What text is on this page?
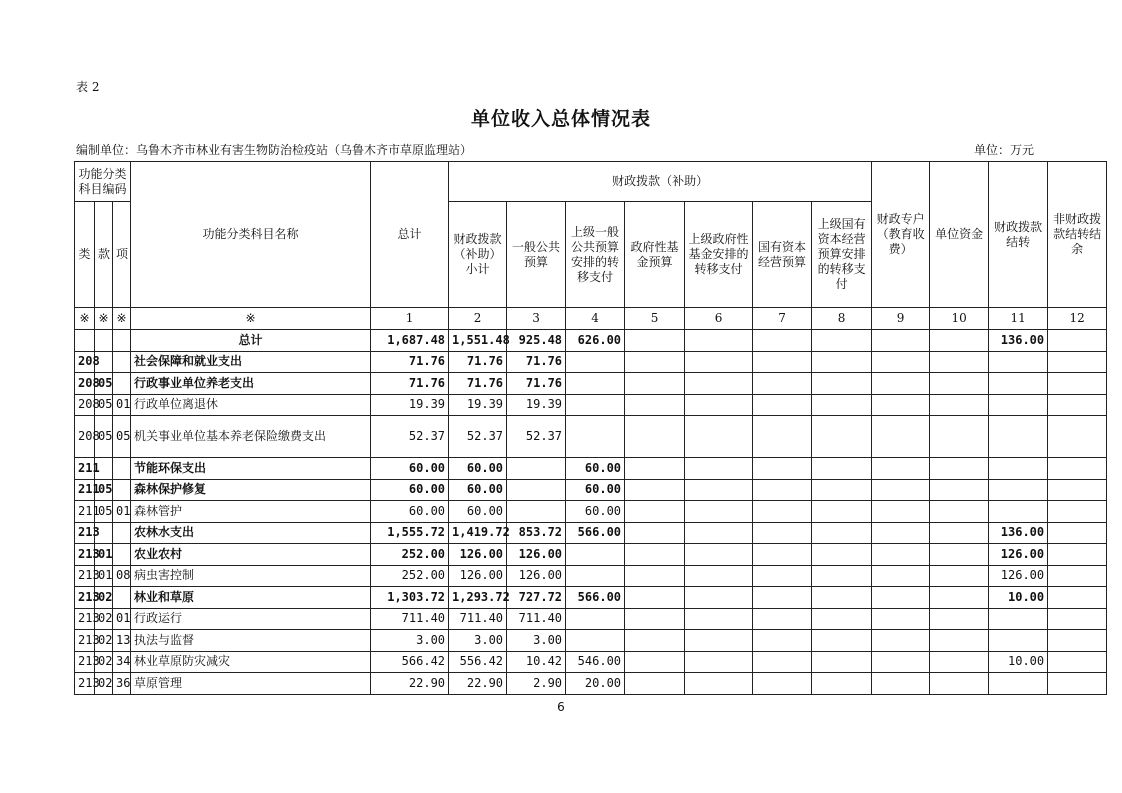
表 2
单位收入总体情况表
编制单位：乌鲁木齐市林业有害生物防治检疫站（乌鲁木齐市草原监理站）	单位：万元
功能分类科目编码			功能分类科目名称	总计	财政拨款（补助）							财政专户（教育收费）	单位资金	财政拨款结转	非财政拨款结转结余
类	款	项			财政拨款（补助）小计	一般公共预算	上级一般公共预算安排的转移支付	政府性基金预算	上级政府性基金安排的转移支付	国有资本经营预算	上级国有资本经营预算安排的转移支付				
※	※	※	※	1	2	3	4	5	6	7	8	9	10	11	12
			总计	1,687.48	1,551.48	925.48	626.00							136.00	
208			社会保障和就业支出	71.76	71.76	71.76									
208	05		行政事业单位养老支出	71.76	71.76	71.76									
208	05	01	行政单位离退休	19.39	19.39	19.39									
208	05	05	机关事业单位基本养老保险缴费支出	52.37	52.37	52.37									
211			节能环保支出	60.00	60.00		60.00								
211	05		森林保护修复	60.00	60.00		60.00								
211	05	01	森林管护	60.00	60.00		60.00								
213			农林水支出	1,555.72	1,419.72	853.72	566.00							136.00	
213	01		农业农村	252.00	126.00	126.00								126.00	
213	01	08	病虫害控制	252.00	126.00	126.00								126.00	
213	02		林业和草原	1,303.72	1,293.72	727.72	566.00							10.00	
213	02	01	行政运行	711.40	711.40	711.40									
213	02	13	执法与监督	3.00	3.00	3.00									
213	02	34	林业草原防灾减灾	566.42	556.42	10.42	546.00							10.00	
213	02	36	草原管理	22.90	22.90	2.90	20.00								
6
